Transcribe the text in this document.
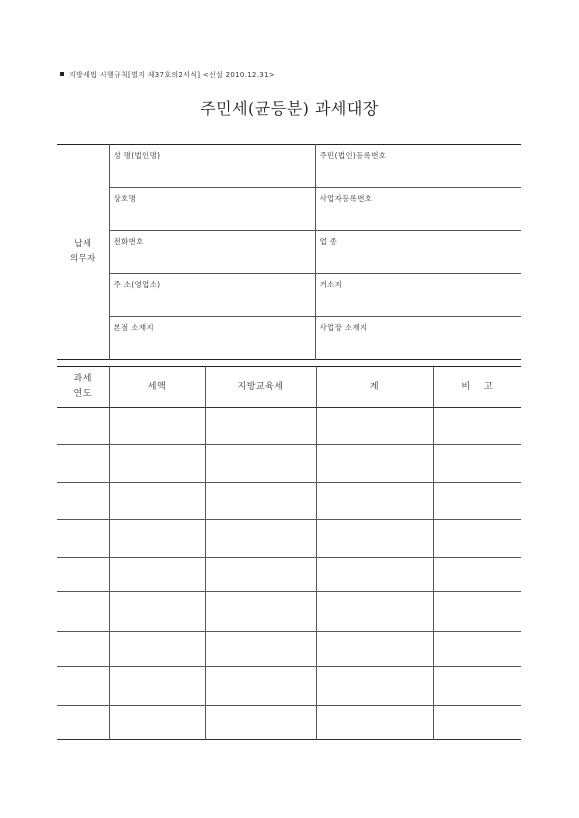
지방세법 시행규칙[별지 제37호의2서식] <신설 2010.12.31>
주민세(균등분) 과세대장
납세
의무자	성 명(법인명)	주민(법인)등록번호

	상호명	사업자등록번호

	전화번호	업 종

	주 소(영업소)	거소지

	본점 소재지	사업장 소재지
과세
연도	세액	지방교육세	계	비    고
